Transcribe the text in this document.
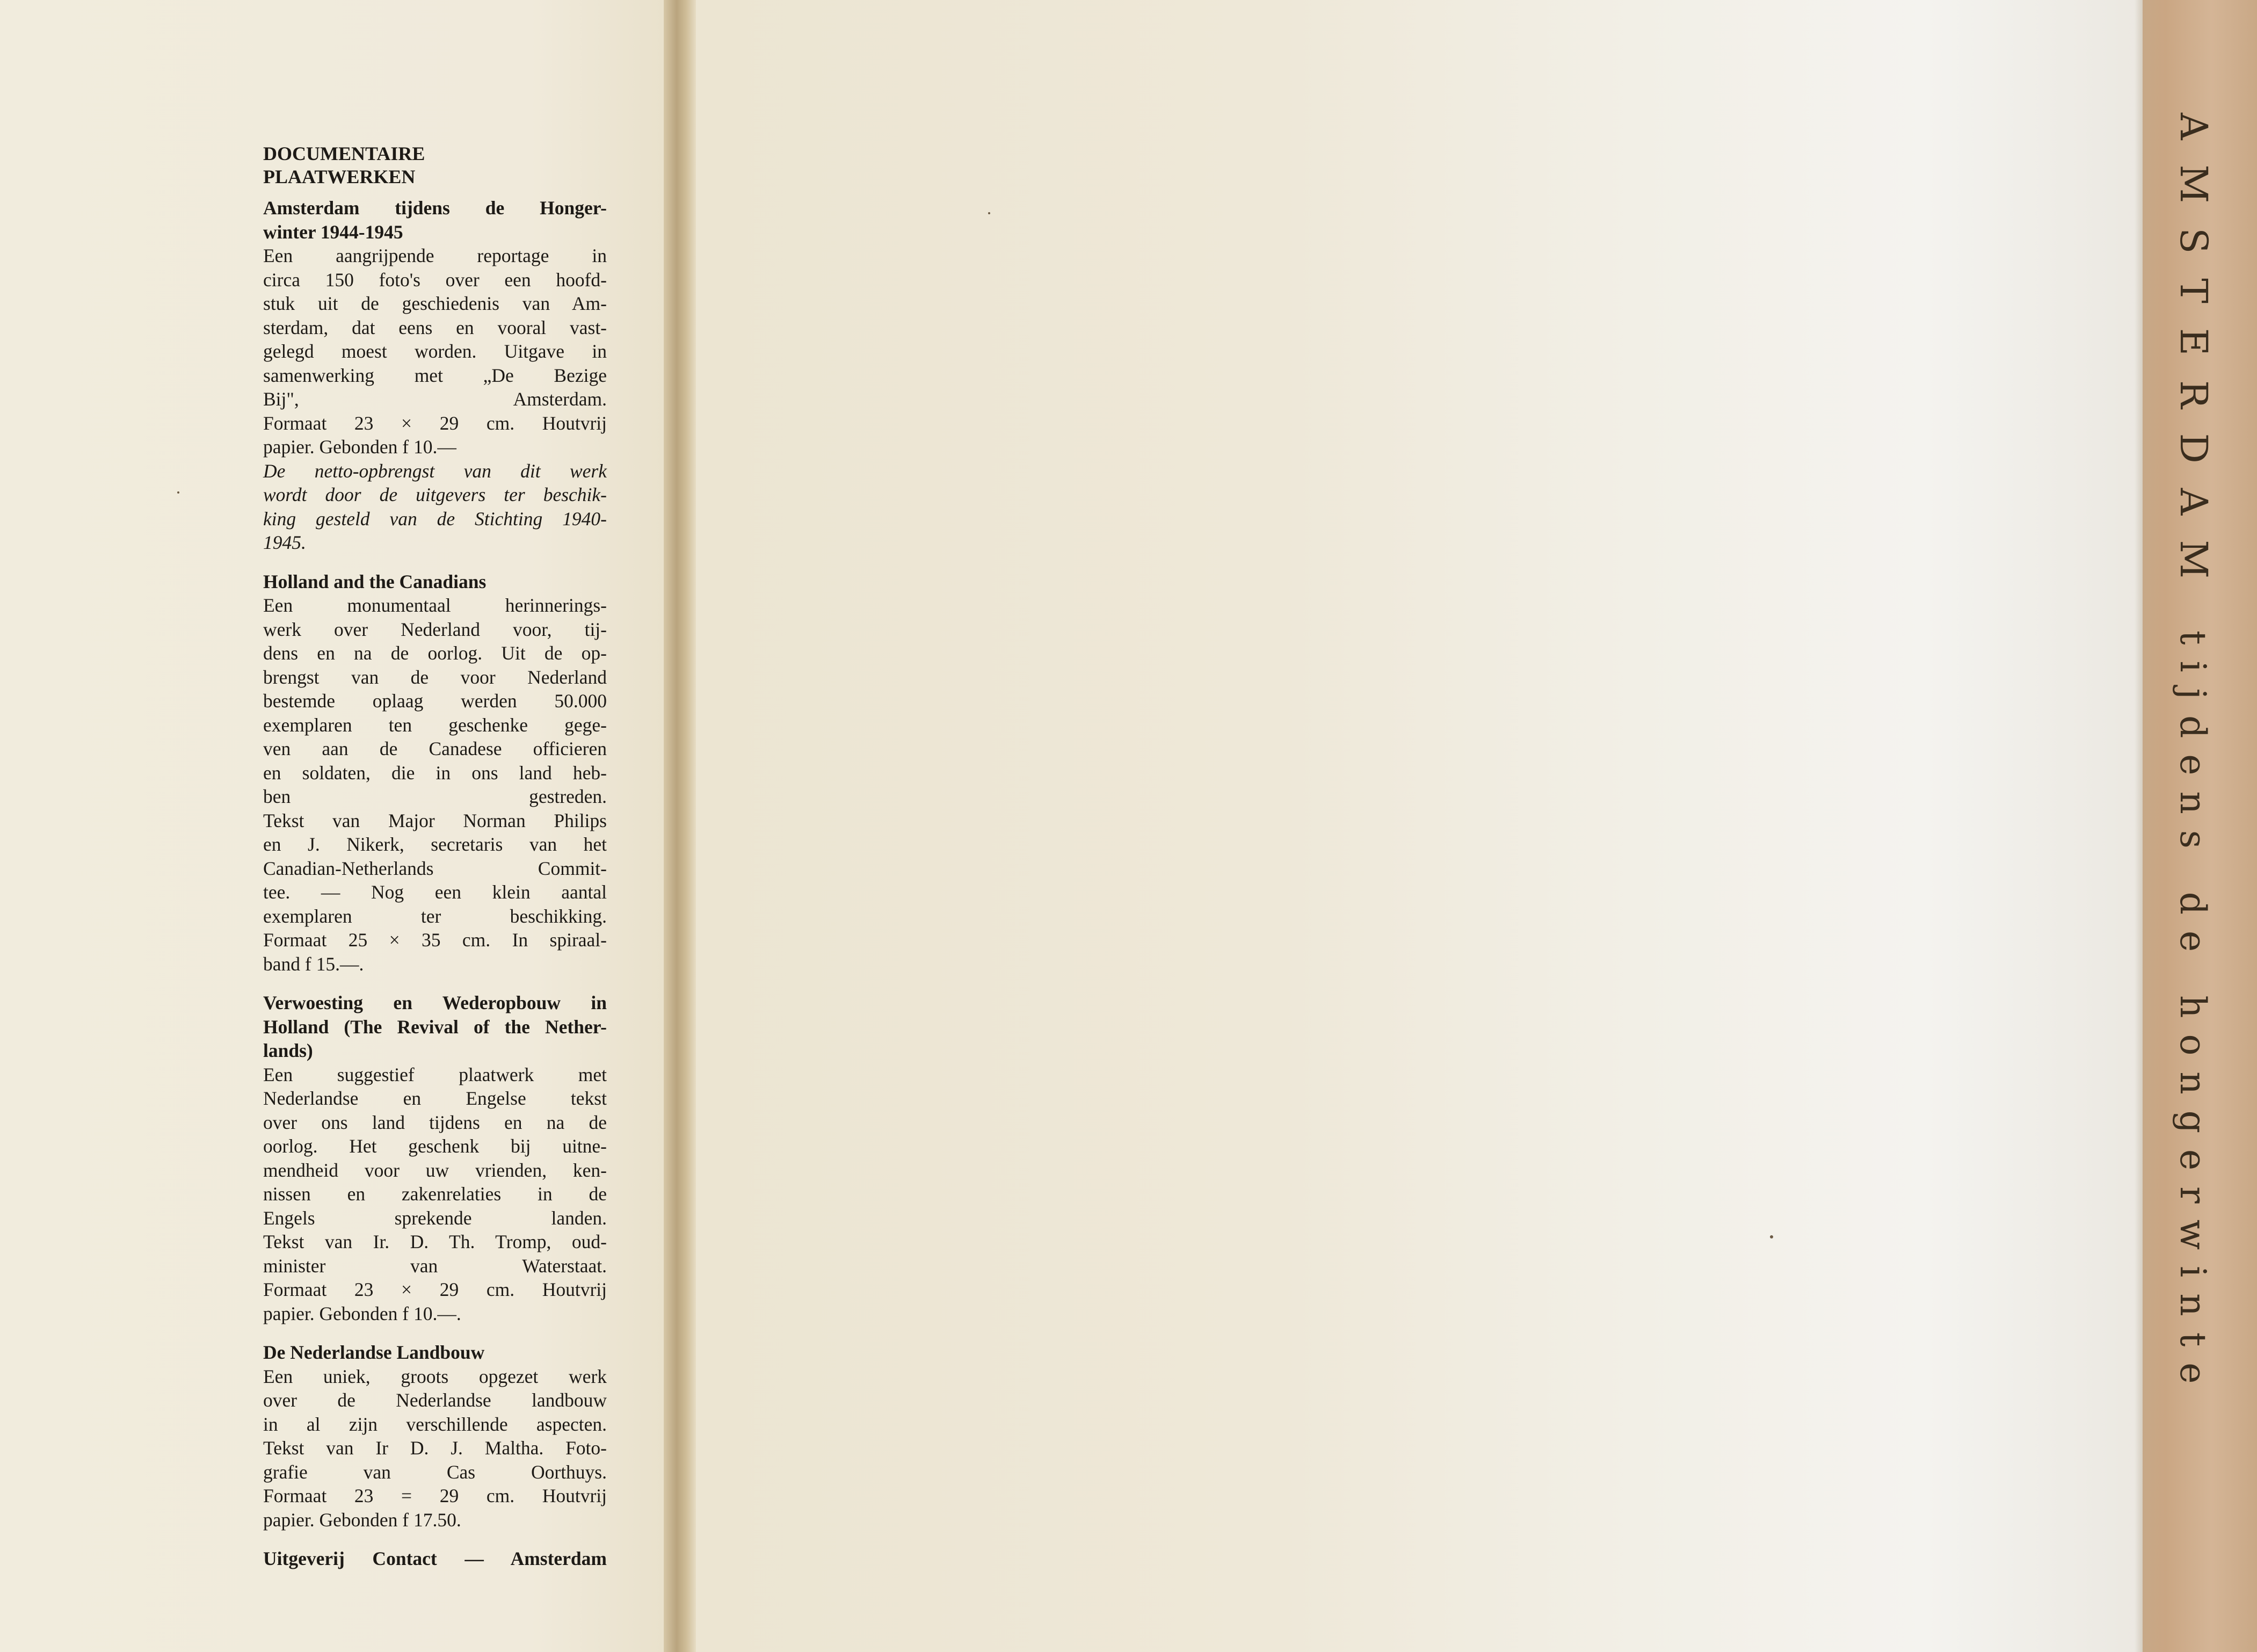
AMSTERDAM tijdens de hongerwinte
DOCUMENTAIRE
PLAATWERKEN
Amsterdam tijdens de Honger-
winter 1944-1945
Een aangrijpende reportage in
circa 150 foto's over een hoofd-
stuk uit de geschiedenis van Am-
sterdam, dat eens en vooral vast-
gelegd moest worden. Uitgave in
samenwerking met „De Bezige
Bij", Amsterdam.
Formaat 23 × 29 cm. Houtvrij
papier. Gebonden f 10.—
De netto-opbrengst van dit werk
wordt door de uitgevers ter beschik-
king gesteld van de Stichting 1940-
1945.
Holland and the Canadians
Een monumentaal herinnerings-
werk over Nederland voor, tij-
dens en na de oorlog. Uit de op-
brengst van de voor Nederland
bestemde oplaag werden 50.000
exemplaren ten geschenke gege-
ven aan de Canadese officieren
en soldaten, die in ons land heb-
ben gestreden.
Tekst van Major Norman Philips
en J. Nikerk, secretaris van het
Canadian-Netherlands Commit-
tee. — Nog een klein aantal
exemplaren ter beschikking.
Formaat 25 × 35 cm. In spiraal-
band f 15.—.
Verwoesting en Wederopbouw in
Holland (The Revival of the Nether-
lands)
Een suggestief plaatwerk met
Nederlandse en Engelse tekst
over ons land tijdens en na de
oorlog. Het geschenk bij uitne-
mendheid voor uw vrienden, ken-
nissen en zakenrelaties in de
Engels sprekende landen.
Tekst van Ir. D. Th. Tromp, oud-
minister van Waterstaat.
Formaat 23 × 29 cm. Houtvrij
papier. Gebonden f 10.—.
De Nederlandse Landbouw
Een uniek, groots opgezet werk
over de Nederlandse landbouw
in al zijn verschillende aspecten.
Tekst van Ir D. J. Maltha. Foto-
grafie van Cas Oorthuys.
Formaat 23 = 29 cm. Houtvrij
papier. Gebonden f 17.50.
Uitgeverij Contact — Amsterdam
